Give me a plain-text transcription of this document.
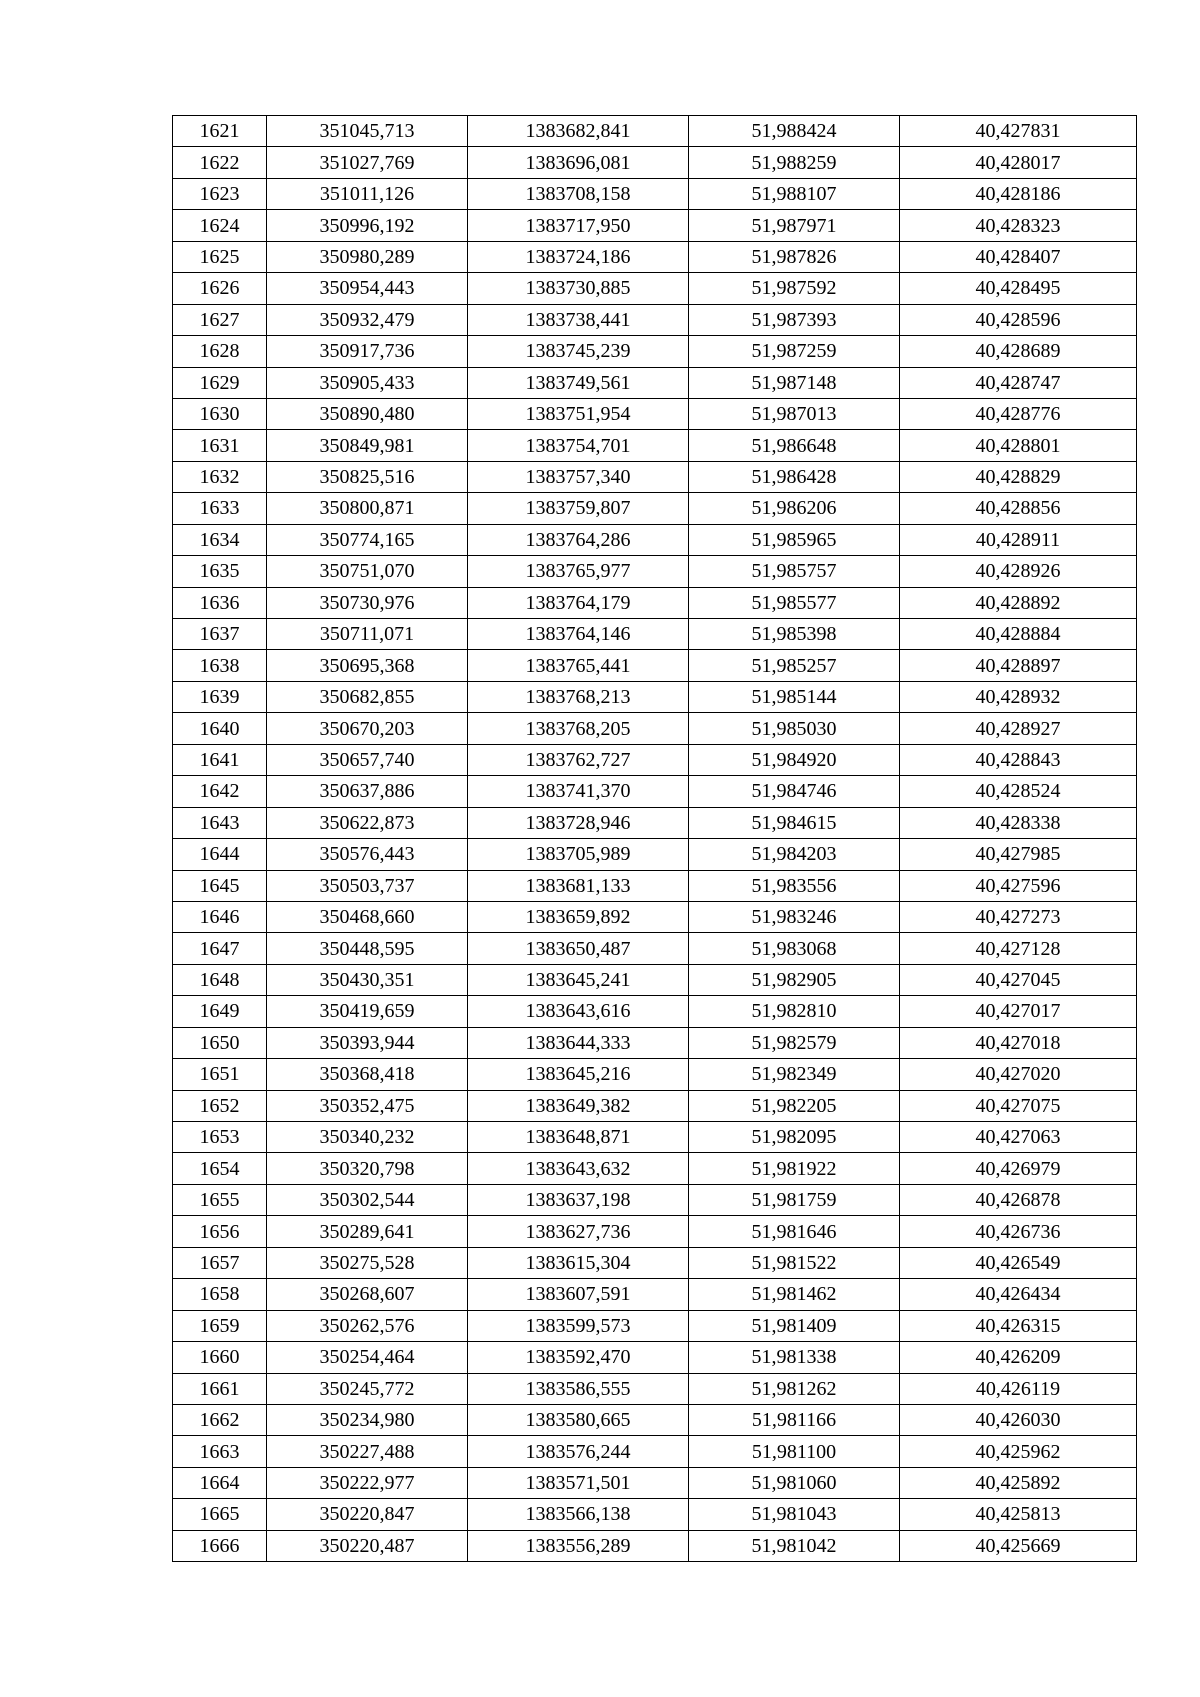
1621	351045,713	1383682,841	51,988424	40,427831
1622	351027,769	1383696,081	51,988259	40,428017
1623	351011,126	1383708,158	51,988107	40,428186
1624	350996,192	1383717,950	51,987971	40,428323
1625	350980,289	1383724,186	51,987826	40,428407
1626	350954,443	1383730,885	51,987592	40,428495
1627	350932,479	1383738,441	51,987393	40,428596
1628	350917,736	1383745,239	51,987259	40,428689
1629	350905,433	1383749,561	51,987148	40,428747
1630	350890,480	1383751,954	51,987013	40,428776
1631	350849,981	1383754,701	51,986648	40,428801
1632	350825,516	1383757,340	51,986428	40,428829
1633	350800,871	1383759,807	51,986206	40,428856
1634	350774,165	1383764,286	51,985965	40,428911
1635	350751,070	1383765,977	51,985757	40,428926
1636	350730,976	1383764,179	51,985577	40,428892
1637	350711,071	1383764,146	51,985398	40,428884
1638	350695,368	1383765,441	51,985257	40,428897
1639	350682,855	1383768,213	51,985144	40,428932
1640	350670,203	1383768,205	51,985030	40,428927
1641	350657,740	1383762,727	51,984920	40,428843
1642	350637,886	1383741,370	51,984746	40,428524
1643	350622,873	1383728,946	51,984615	40,428338
1644	350576,443	1383705,989	51,984203	40,427985
1645	350503,737	1383681,133	51,983556	40,427596
1646	350468,660	1383659,892	51,983246	40,427273
1647	350448,595	1383650,487	51,983068	40,427128
1648	350430,351	1383645,241	51,982905	40,427045
1649	350419,659	1383643,616	51,982810	40,427017
1650	350393,944	1383644,333	51,982579	40,427018
1651	350368,418	1383645,216	51,982349	40,427020
1652	350352,475	1383649,382	51,982205	40,427075
1653	350340,232	1383648,871	51,982095	40,427063
1654	350320,798	1383643,632	51,981922	40,426979
1655	350302,544	1383637,198	51,981759	40,426878
1656	350289,641	1383627,736	51,981646	40,426736
1657	350275,528	1383615,304	51,981522	40,426549
1658	350268,607	1383607,591	51,981462	40,426434
1659	350262,576	1383599,573	51,981409	40,426315
1660	350254,464	1383592,470	51,981338	40,426209
1661	350245,772	1383586,555	51,981262	40,426119
1662	350234,980	1383580,665	51,981166	40,426030
1663	350227,488	1383576,244	51,981100	40,425962
1664	350222,977	1383571,501	51,981060	40,425892
1665	350220,847	1383566,138	51,981043	40,425813
1666	350220,487	1383556,289	51,981042	40,425669
